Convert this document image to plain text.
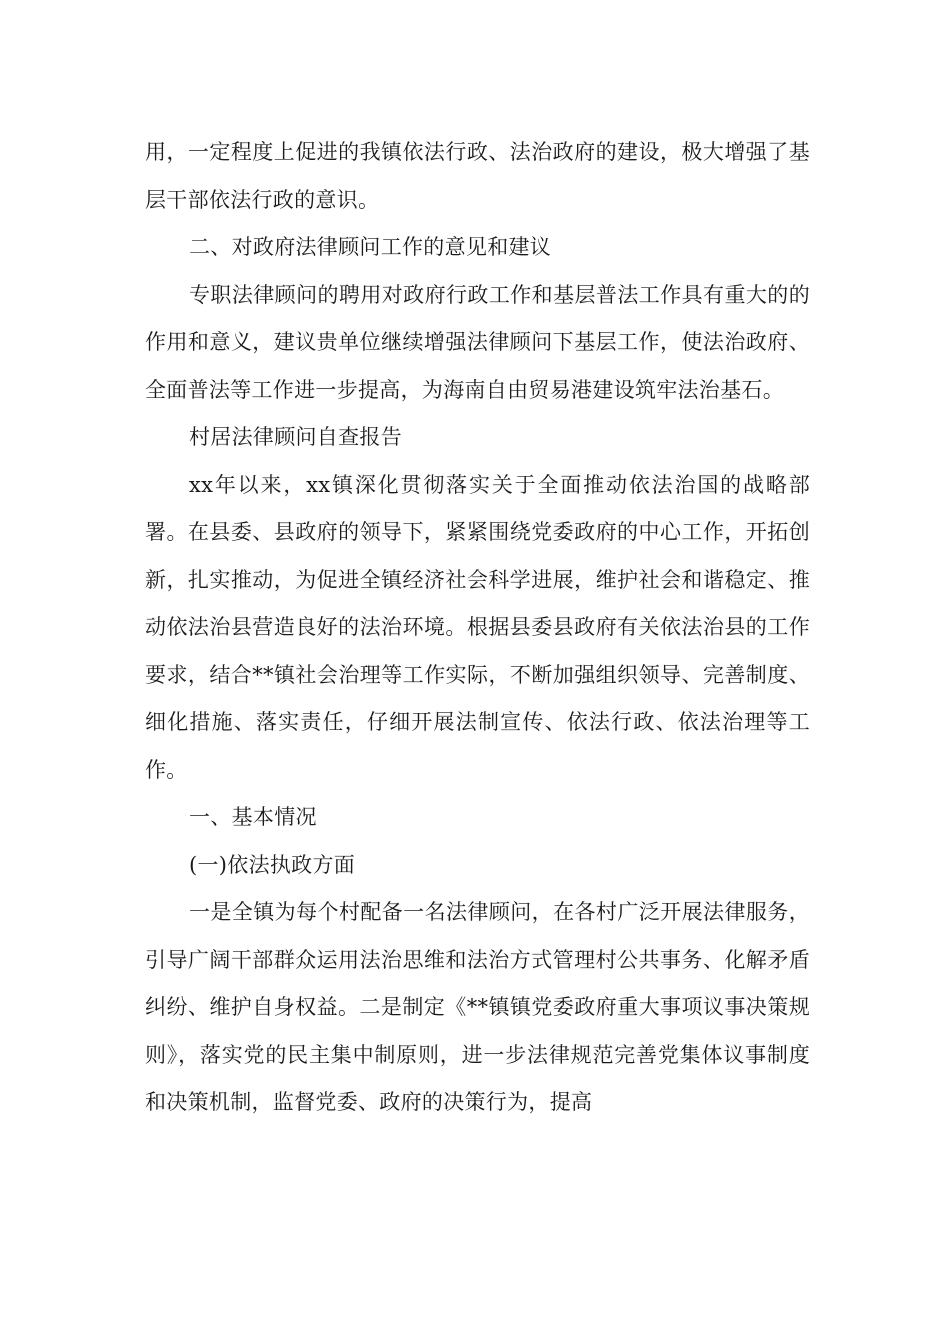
用，一定程度上促进的我镇依法行政、法治政府的建设，极大增强了基层干部依法行政的意识。

二、对政府法律顾问工作的意见和建议

专职法律顾问的聘用对政府行政工作和基层普法工作具有重大的的作用和意义，建议贵单位继续增强法律顾问下基层工作，使法治政府、全面普法等工作进一步提高，为海南自由贸易港建设筑牢法治基石。

村居法律顾问自查报告

xx年以来，xx镇深化贯彻落实关于全面推动依法治国的战略部署。在县委、县政府的领导下，紧紧围绕党委政府的中心工作，开拓创新，扎实推动，为促进全镇经济社会科学进展，维护社会和谐稳定、推动依法治县营造良好的法治环境。根据县委县政府有关依法治县的工作要求，结合**镇社会治理等工作实际，不断加强组织领导、完善制度、细化措施、落实责任，仔细开展法制宣传、依法行政、依法治理等工作。

一、基本情况

(一)依法执政方面

一是全镇为每个村配备一名法律顾问，在各村广泛开展法律服务，引导广阔干部群众运用法治思维和法治方式管理村公共事务、化解矛盾纠纷、维护自身权益。二是制定《**镇镇党委政府重大事项议事决策规则》，落实党的民主集中制原则，进一步法律规范完善党集体议事制度和决策机制，监督党委、政府的决策行为，提高
